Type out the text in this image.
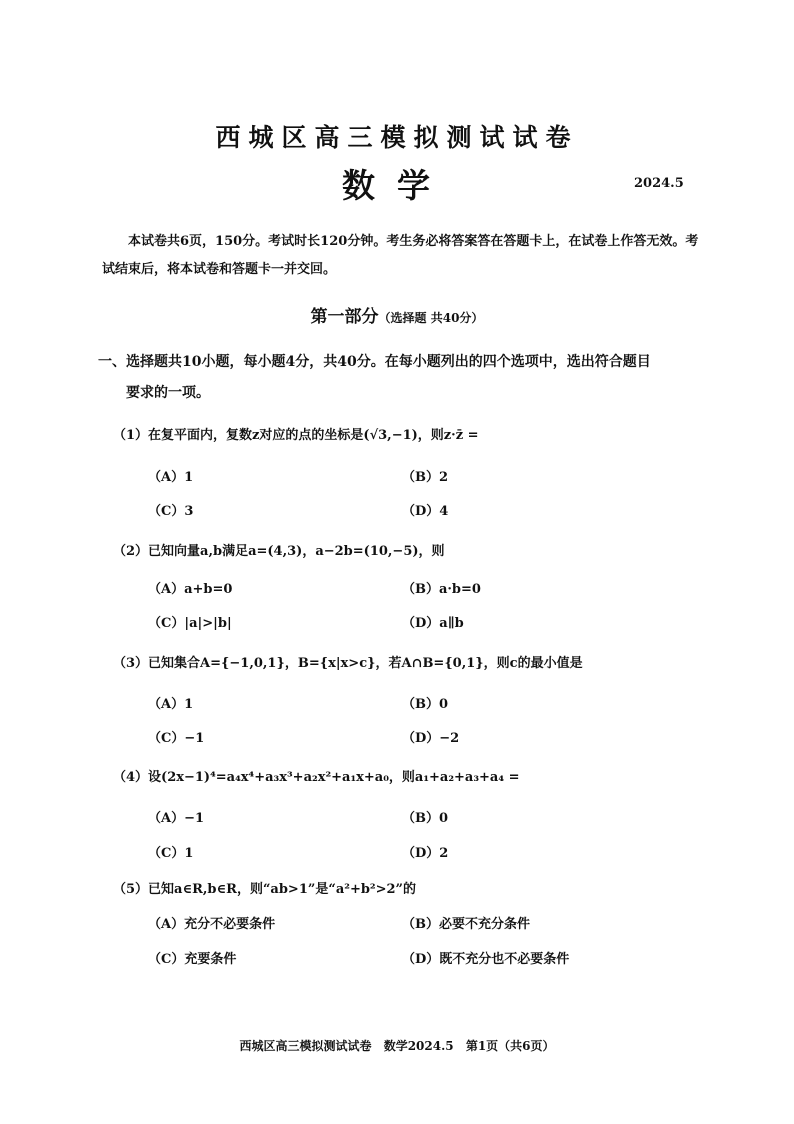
西城区高三模拟测试试卷
数学	2024.5
本试卷共6页，150分。考试时长120分钟。考生务必将答案答在答题卡上，在试卷上作答无效。考试结束后，将本试卷和答题卡一并交回。
第一部分（选择题 共40分）
一、选择题共10小题，每小题4分，共40分。在每小题列出的四个选项中，选出符合题目
要求的一项。
（1）在复平面内，复数z对应的点的坐标是(√3,−1)，则z·z̄ =
（A）1	（B）2
（C）3	（D）4
（2）已知向量a,b满足a=(4,3)，a−2b=(10,−5)，则
（A）a+b=0	（B）a·b=0
（C）|a|>|b|	（D）a∥b
（3）已知集合A={−1,0,1}，B={x|x>c}，若A∩B={0,1}，则c的最小值是
（A）1	（B）0
（C）−1	（D）−2
（4）设(2x−1)⁴=a₄x⁴+a₃x³+a₂x²+a₁x+a₀，则a₁+a₂+a₃+a₄ =
（A）−1	（B）0
（C）1	（D）2
（5）已知a∈R,b∈R，则“ab>1”是“a²+b²>2”的
（A）充分不必要条件	（B）必要不充分条件
（C）充要条件	（D）既不充分也不必要条件
西城区高三模拟测试试卷 数学2024.5 第1页（共6页）
